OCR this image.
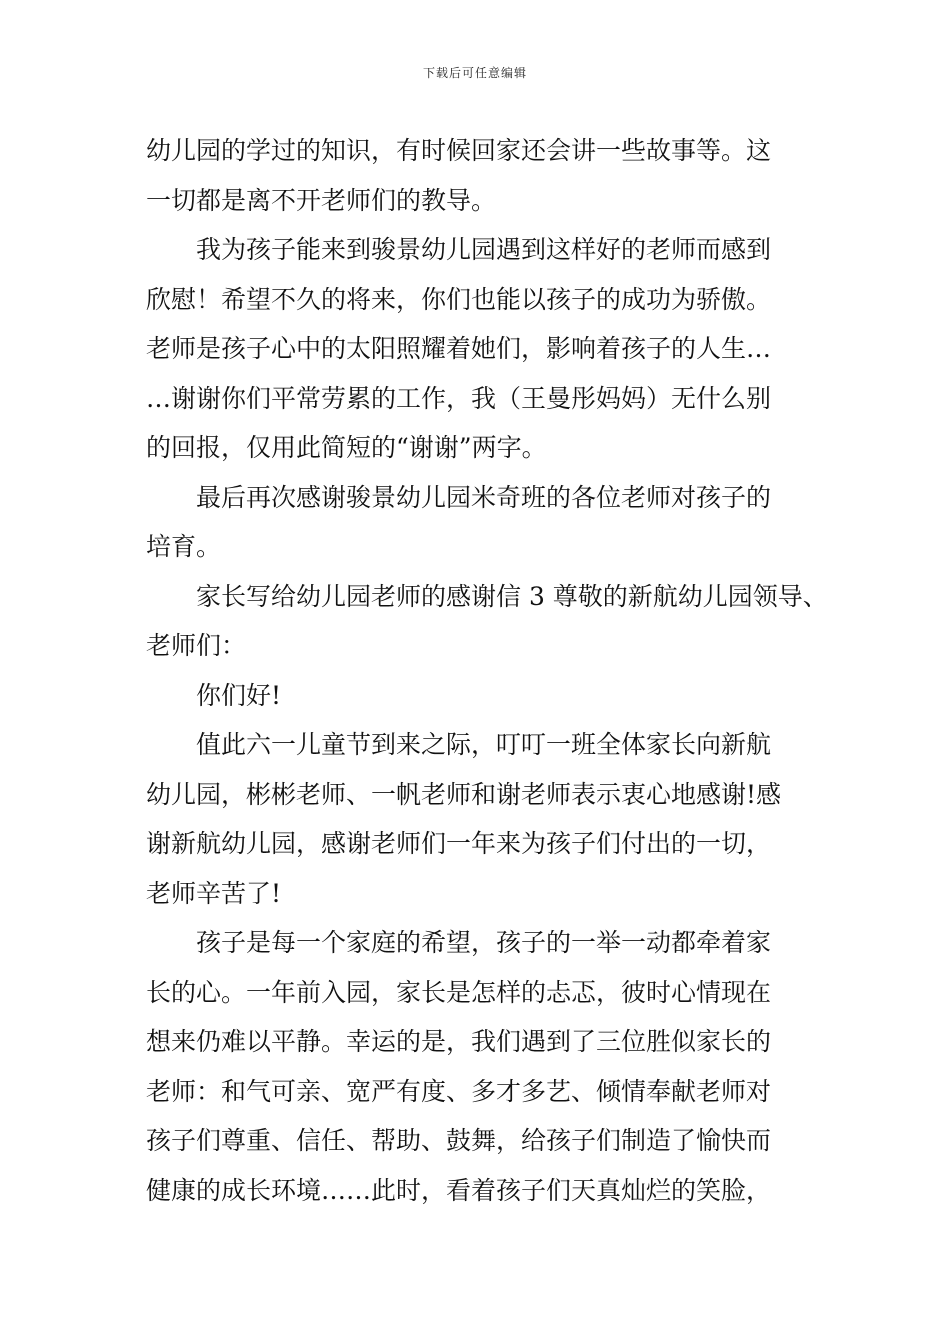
下载后可任意编辑
幼儿园的学过的知识，有时候回家还会讲一些故事等。这
一切都是离不开老师们的教导。
我为孩子能来到骏景幼儿园遇到这样好的老师而感到
欣慰！希望不久的将来，你们也能以孩子的成功为骄傲。
老师是孩子心中的太阳照耀着她们，影响着孩子的人生…
…谢谢你们平常劳累的工作，我（王曼彤妈妈）无什么别
的回报，仅用此简短的“谢谢”两字。
最后再次感谢骏景幼儿园米奇班的各位老师对孩子的
培育。
家长写给幼儿园老师的感谢信 3 尊敬的新航幼儿园领导、
老师们：
你们好!
值此六一儿童节到来之际，叮叮一班全体家长向新航
幼儿园，彬彬老师、一帆老师和谢老师表示衷心地感谢!感
谢新航幼儿园，感谢老师们一年来为孩子们付出的一切，
老师辛苦了!
孩子是每一个家庭的希望，孩子的一举一动都牵着家
长的心。一年前入园，家长是怎样的忐忑，彼时心情现在
想来仍难以平静。幸运的是，我们遇到了三位胜似家长的
老师：和气可亲、宽严有度、多才多艺、倾情奉献老师对
孩子们尊重、信任、帮助、鼓舞，给孩子们制造了愉快而
健康的成长环境……此时，看着孩子们天真灿烂的笑脸，
